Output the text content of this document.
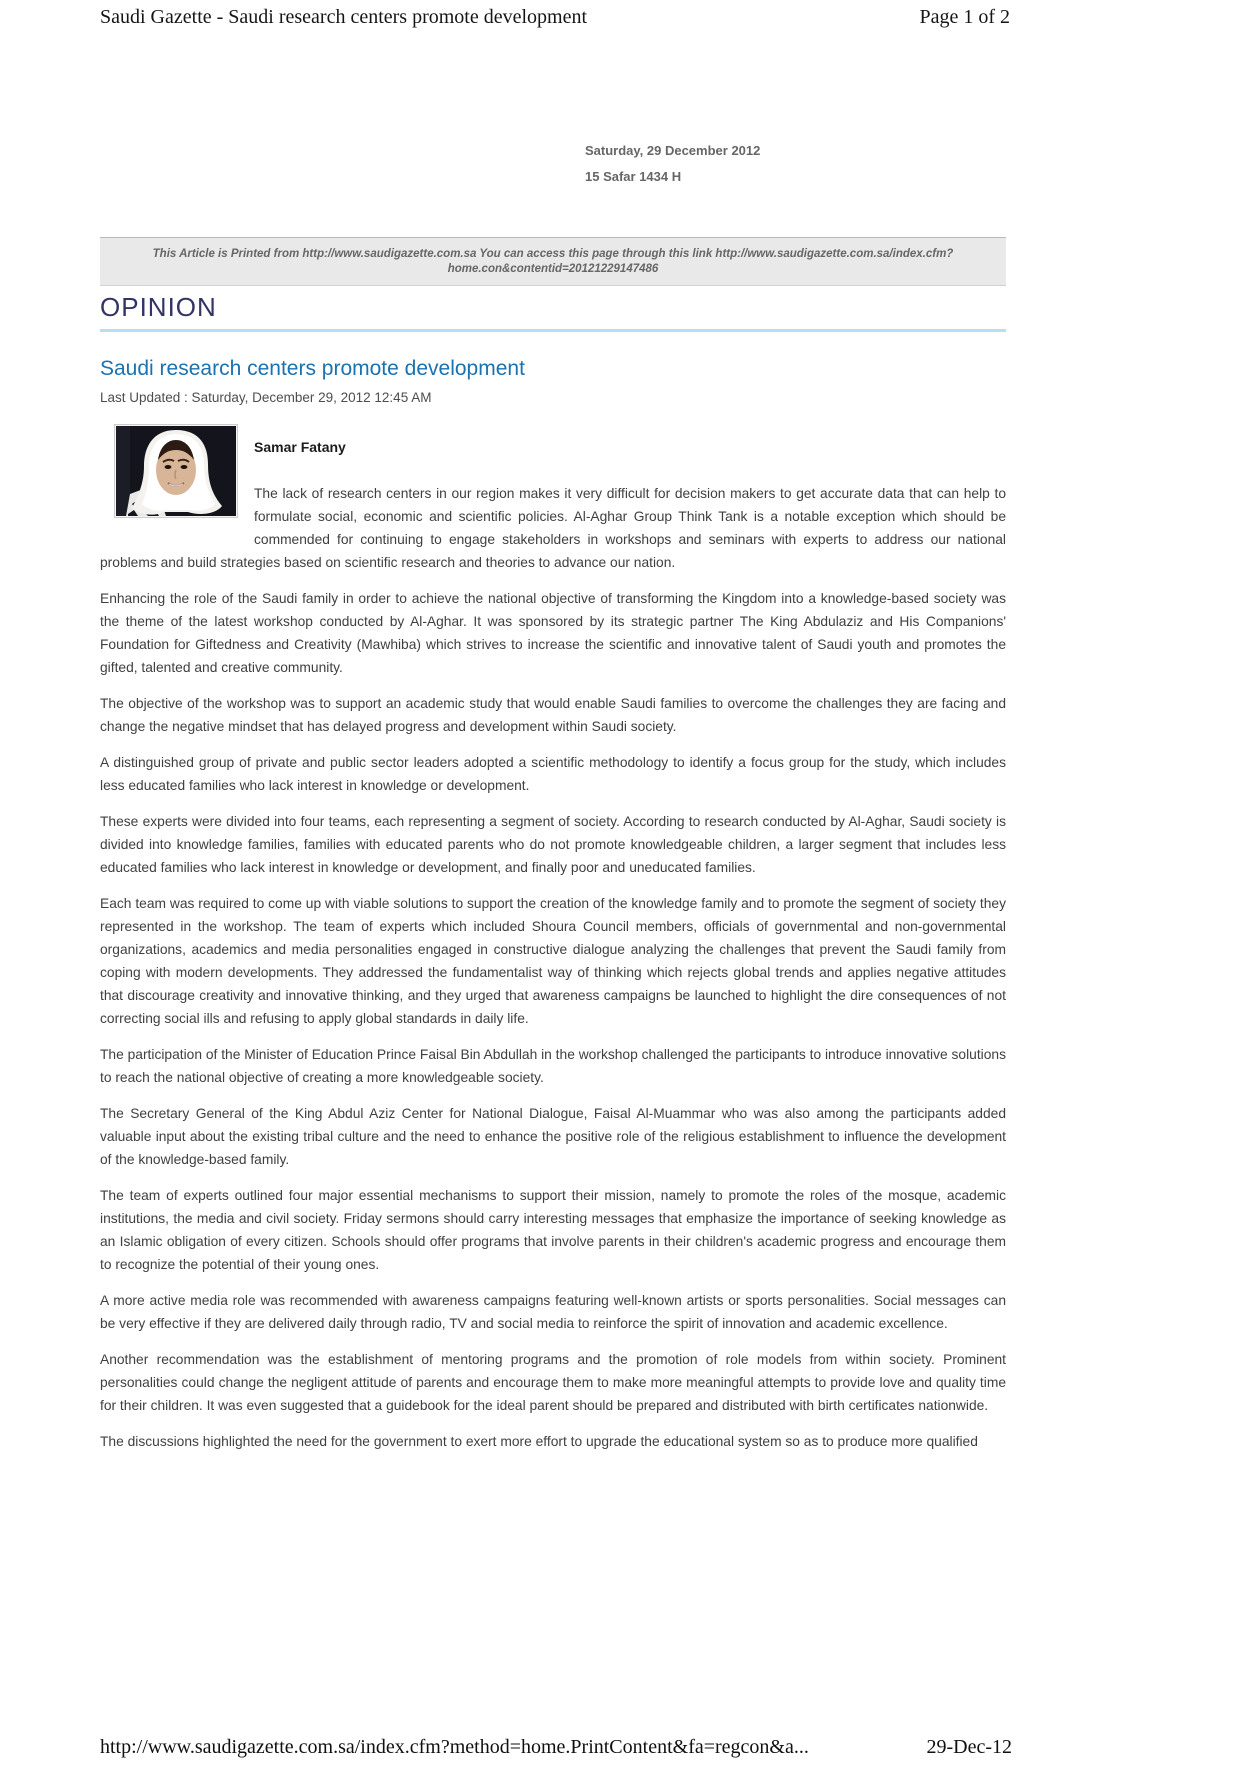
Saudi Gazette - Saudi research centers promote development	Page 1 of 2
Saturday, 29 December 2012
15 Safar 1434 H
This Article is Printed from http://www.saudigazette.com.sa You can access this page through this link http://www.saudigazette.com.sa/index.cfm?
home.con&contentid=20121229147486
OPINION
Saudi research centers promote development
Last Updated : Saturday, December 29, 2012 12:45 AM
Samar Fatany

The lack of research centers in our region makes it very difficult for decision makers to get accurate data that can help to formulate social, economic and scientific policies. Al-Aghar Group Think Tank is a notable exception which should be commended for continuing to engage stakeholders in workshops and seminars with experts to address our national problems and build strategies based on scientific research and theories to advance our nation.

Enhancing the role of the Saudi family in order to achieve the national objective of transforming the Kingdom into a knowledge-based society was the theme of the latest workshop conducted by Al-Aghar. It was sponsored by its strategic partner The King Abdulaziz and His Companions' Foundation for Giftedness and Creativity (Mawhiba) which strives to increase the scientific and innovative talent of Saudi youth and promotes the gifted, talented and creative community.

The objective of the workshop was to support an academic study that would enable Saudi families to overcome the challenges they are facing and change the negative mindset that has delayed progress and development within Saudi society.

A distinguished group of private and public sector leaders adopted a scientific methodology to identify a focus group for the study, which includes less educated families who lack interest in knowledge or development.

These experts were divided into four teams, each representing a segment of society. According to research conducted by Al-Aghar, Saudi society is divided into knowledge families, families with educated parents who do not promote knowledgeable children, a larger segment that includes less educated families who lack interest in knowledge or development, and finally poor and uneducated families.

Each team was required to come up with viable solutions to support the creation of the knowledge family and to promote the segment of society they represented in the workshop. The team of experts which included Shoura Council members, officials of governmental and non-governmental organizations, academics and media personalities engaged in constructive dialogue analyzing the challenges that prevent the Saudi family from coping with modern developments. They addressed the fundamentalist way of thinking which rejects global trends and applies negative attitudes that discourage creativity and innovative thinking, and they urged that awareness campaigns be launched to highlight the dire consequences of not correcting social ills and refusing to apply global standards in daily life.

The participation of the Minister of Education Prince Faisal Bin Abdullah in the workshop challenged the participants to introduce innovative solutions to reach the national objective of creating a more knowledgeable society.

The Secretary General of the King Abdul Aziz Center for National Dialogue, Faisal Al-Muammar who was also among the participants added valuable input about the existing tribal culture and the need to enhance the positive role of the religious establishment to influence the development of the knowledge-based family.

The team of experts outlined four major essential mechanisms to support their mission, namely to promote the roles of the mosque, academic institutions, the media and civil society. Friday sermons should carry interesting messages that emphasize the importance of seeking knowledge as an Islamic obligation of every citizen. Schools should offer programs that involve parents in their children's academic progress and encourage them to recognize the potential of their young ones.

A more active media role was recommended with awareness campaigns featuring well-known artists or sports personalities. Social messages can be very effective if they are delivered daily through radio, TV and social media to reinforce the spirit of innovation and academic excellence.

Another recommendation was the establishment of mentoring programs and the promotion of role models from within society. Prominent personalities could change the negligent attitude of parents and encourage them to make more meaningful attempts to provide love and quality time for their children. It was even suggested that a guidebook for the ideal parent should be prepared and distributed with birth certificates nationwide.

The discussions highlighted the need for the government to exert more effort to upgrade the educational system so as to produce more qualified

http://www.saudigazette.com.sa/index.cfm?method=home.PrintContent&fa=regcon&a...	29-Dec-12
